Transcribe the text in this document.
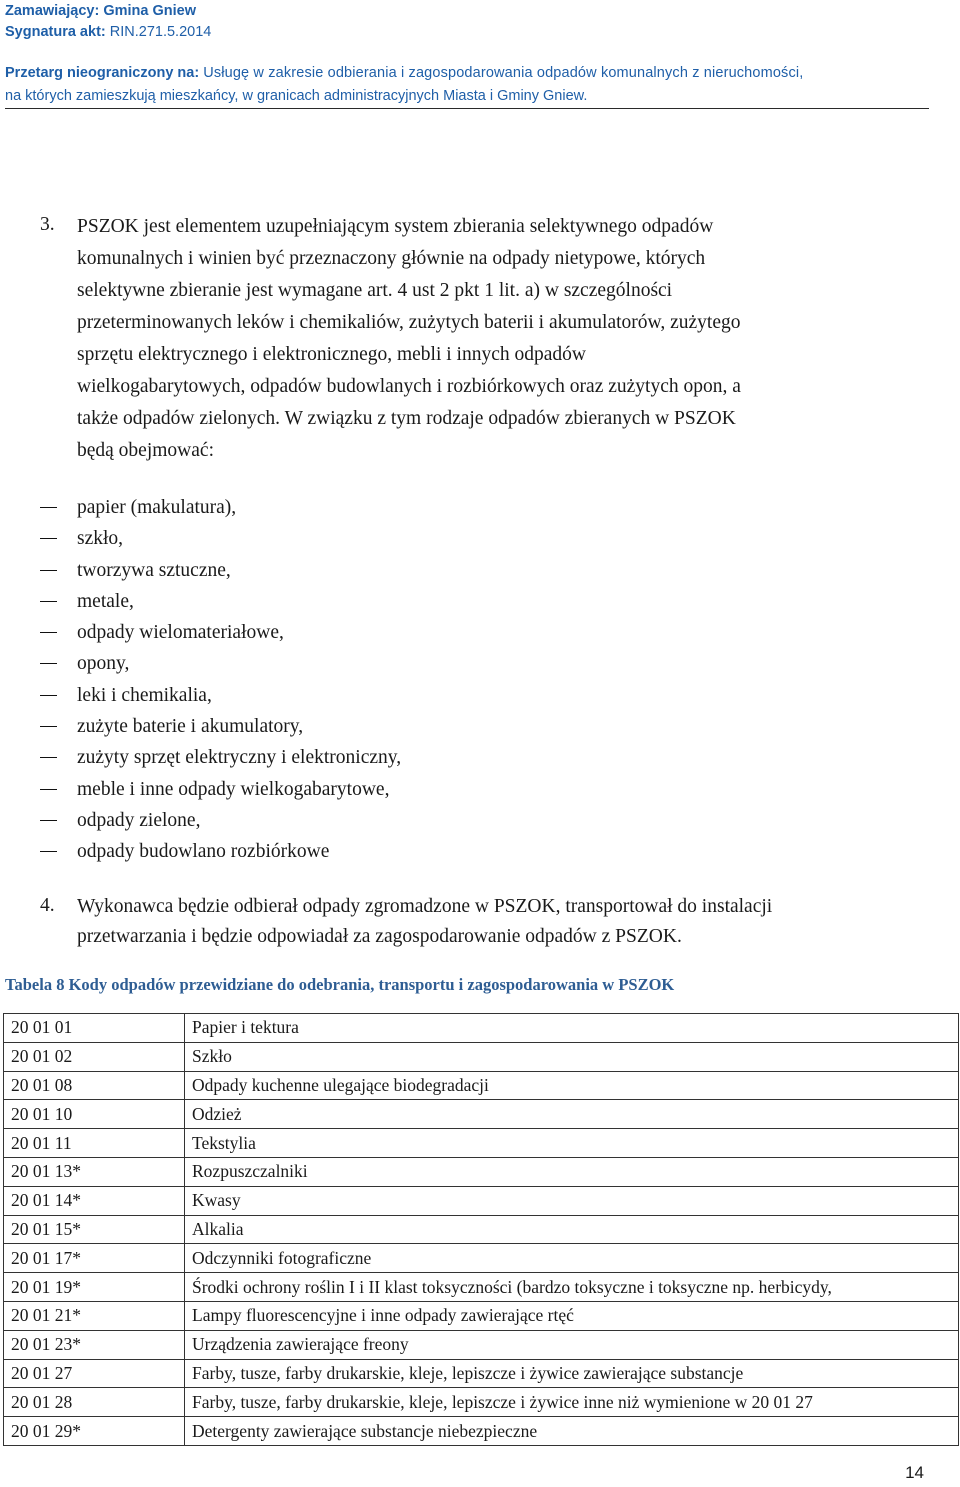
Zamawiający: Gmina Gniew
Sygnatura akt: RIN.271.5.2014
Przetarg nieograniczony na: Usługę w zakresie odbierania i zagospodarowania odpadów komunalnych z nieruchomości,
na których zamieszkują mieszkańcy, w granicach administracyjnych Miasta i Gminy Gniew.
3. PSZOK jest elementem uzupełniającym system zbierania selektywnego odpadów
komunalnych i winien być przeznaczony głównie na odpady nietypowe, których
selektywne zbieranie jest wymagane art. 4 ust 2 pkt 1 lit. a) w szczególności
przeterminowanych leków i chemikaliów, zużytych baterii i akumulatorów, zużytego
sprzętu elektrycznego i elektronicznego, mebli i innych odpadów
wielkogabarytowych, odpadów budowlanych i rozbiórkowych oraz zużytych opon, a
także odpadów zielonych. W związku z tym rodzaje odpadów zbieranych w PSZOK
będą obejmować:
papier (makulatura),
szkło,
tworzywa sztuczne,
metale,
odpady wielomateriałowe,
opony,
leki i chemikalia,
zużyte baterie i akumulatory,
zużyty sprzęt elektryczny i elektroniczny,
meble i inne odpady wielkogabarytowe,
odpady zielone,
odpady budowlano rozbiórkowe
4. Wykonawca będzie odbierał odpady zgromadzone w PSZOK, transportował do instalacji
przetwarzania i będzie odpowiadał za zagospodarowanie odpadów z PSZOK.
Tabela 8 Kody odpadów przewidziane do odebrania, transportu i zagospodarowania w PSZOK
20 01 01	Papier i tektura
20 01 02	Szkło
20 01 08	Odpady kuchenne ulegające biodegradacji
20 01 10	Odzież
20 01 11	Tekstylia
20 01 13*	Rozpuszczalniki
20 01 14*	Kwasy
20 01 15*	Alkalia
20 01 17*	Odczynniki fotograficzne
20 01 19*	Środki ochrony roślin I i II klast toksyczności (bardzo toksyczne i toksyczne np. herbicydy,
20 01 21*	Lampy fluorescencyjne i inne odpady zawierające rtęć
20 01 23*	Urządzenia zawierające freony
20 01 27	Farby, tusze, farby drukarskie, kleje, lepiszcze i żywice zawierające substancje
20 01 28	Farby, tusze, farby drukarskie, kleje, lepiszcze i żywice inne niż wymienione w 20 01 27
20 01 29*	Detergenty zawierające substancje niebezpieczne
14
